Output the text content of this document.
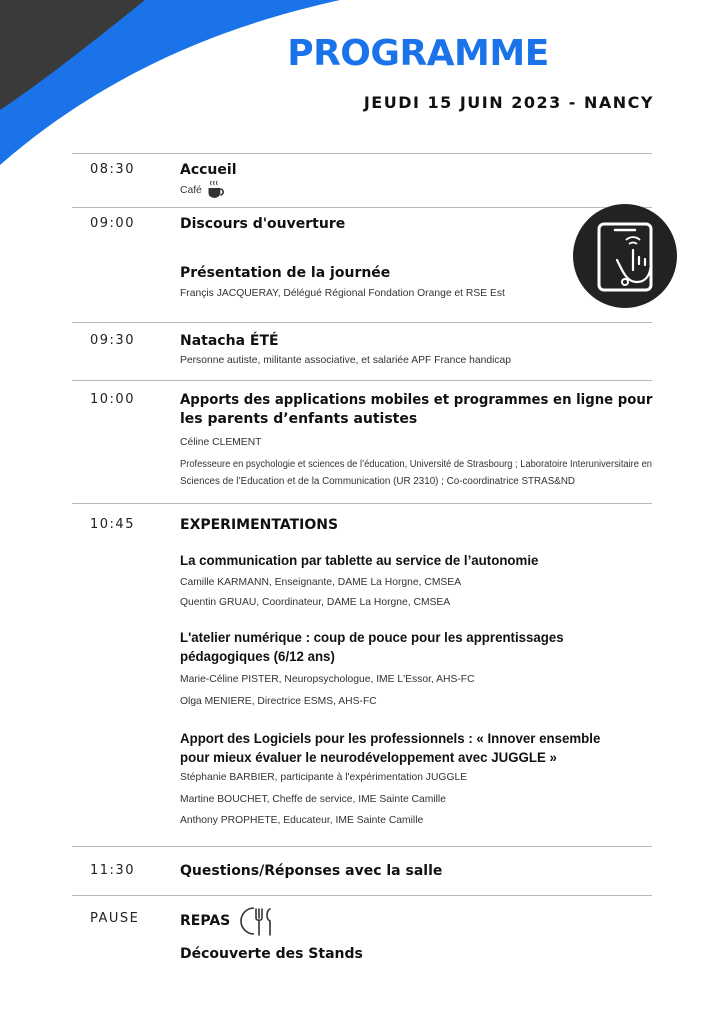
PROGRAMME
JEUDI 15 JUIN 2023 - NANCY
08:30	Accueil
Café
09:00	Discours d'ouverture
Présentation de la journée
Françis JACQUERAY, Délégué Régional Fondation Orange et RSE Est
09:30	Natacha ÉTÉ
Personne autiste, militante associative, et salariée APF France handicap
10:00	Apports des applications mobiles et programmes en ligne pour
les parents d’enfants autistes
Céline CLEMENT
Professeure en psychologie et sciences de l’éducation, Université de Strasbourg ; Laboratoire Interuniversitaire en
Sciences de l’Education et de la Communication (UR 2310) ; Co-coordinatrice STRAS&ND
10:45	EXPERIMENTATIONS
La communication par tablette au service de l’autonomie
Camille KARMANN, Enseignante, DAME La Horgne, CMSEA
Quentin GRUAU, Coordinateur, DAME La Horgne, CMSEA
L'atelier numérique : coup de pouce pour les apprentissages
pédagogiques (6/12 ans)
Marie-Céline PISTER, Neuropsychologue, IME L'Essor, AHS-FC
Olga MENIERE, Directrice ESMS, AHS-FC
Apport des Logiciels pour les professionnels : « Innover ensemble
pour mieux évaluer le neurodéveloppement avec JUGGLE »
Stéphanie BARBIER, participante à l'expérimentation JUGGLE
Martine BOUCHET, Cheffe de service, IME Sainte Camille
Anthony PROPHETE, Educateur, IME Sainte Camille
11:30	Questions/Réponses avec la salle
PAUSE	REPAS
Découverte des Stands
